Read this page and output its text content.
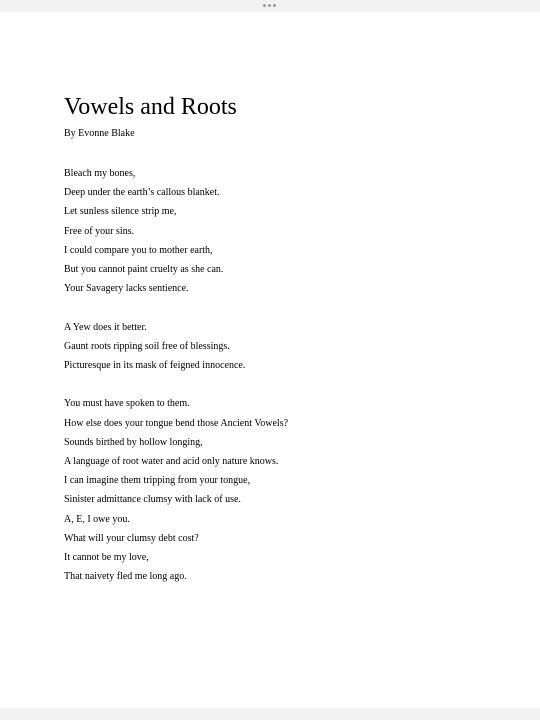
Vowels and Roots
By Evonne Blake
Bleach my bones,
Deep under the earth’s callous blanket.
Let sunless silence strip me,
Free of your sins.
I could compare you to mother earth,
But you cannot paint cruelty as she can.
Your Savagery lacks sentience.
A Yew does it better.
Gaunt roots ripping soil free of blessings.
Picturesque in its mask of feigned innocence.
You must have spoken to them.
How else does your tongue bend those Ancient Vowels?
Sounds birthed by hollow longing,
A language of root water and acid only nature knows.
I can imagine them tripping from your tongue,
Sinister admittance clumsy with lack of use.
A, E, I owe you.
What will your clumsy debt cost?
It cannot be my love,
That naivety fled me long ago.
